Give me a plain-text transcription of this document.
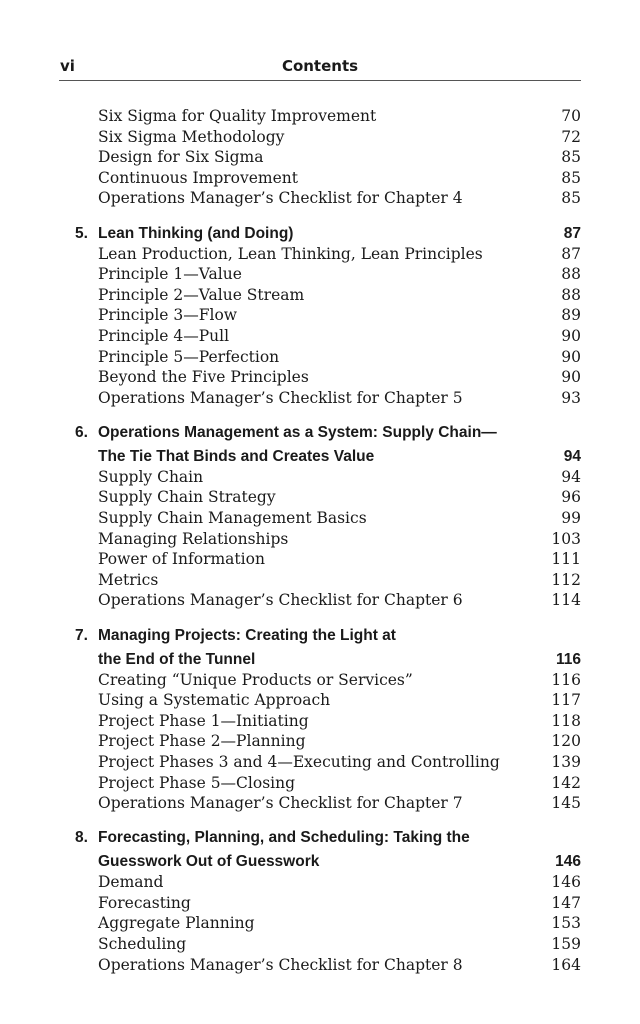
vi	Contents
Six Sigma for Quality Improvement	70
Six Sigma Methodology	72
Design for Six Sigma	85
Continuous Improvement	85
Operations Manager’s Checklist for Chapter 4	85
5. Lean Thinking (and Doing)	87
Lean Production, Lean Thinking, Lean Principles	87
Principle 1—Value	88
Principle 2—Value Stream	88
Principle 3—Flow	89
Principle 4—Pull	90
Principle 5—Perfection	90
Beyond the Five Principles	90
Operations Manager’s Checklist for Chapter 5	93
6. Operations Management as a System: Supply Chain—
The Tie That Binds and Creates Value	94
Supply Chain	94
Supply Chain Strategy	96
Supply Chain Management Basics	99
Managing Relationships	103
Power of Information	111
Metrics	112
Operations Manager’s Checklist for Chapter 6	114
7. Managing Projects: Creating the Light at
the End of the Tunnel	116
Creating “Unique Products or Services”	116
Using a Systematic Approach	117
Project Phase 1—Initiating	118
Project Phase 2—Planning	120
Project Phases 3 and 4—Executing and Controlling	139
Project Phase 5—Closing	142
Operations Manager’s Checklist for Chapter 7	145
8. Forecasting, Planning, and Scheduling: Taking the
Guesswork Out of Guesswork	146
Demand	146
Forecasting	147
Aggregate Planning	153
Scheduling	159
Operations Manager’s Checklist for Chapter 8	164
